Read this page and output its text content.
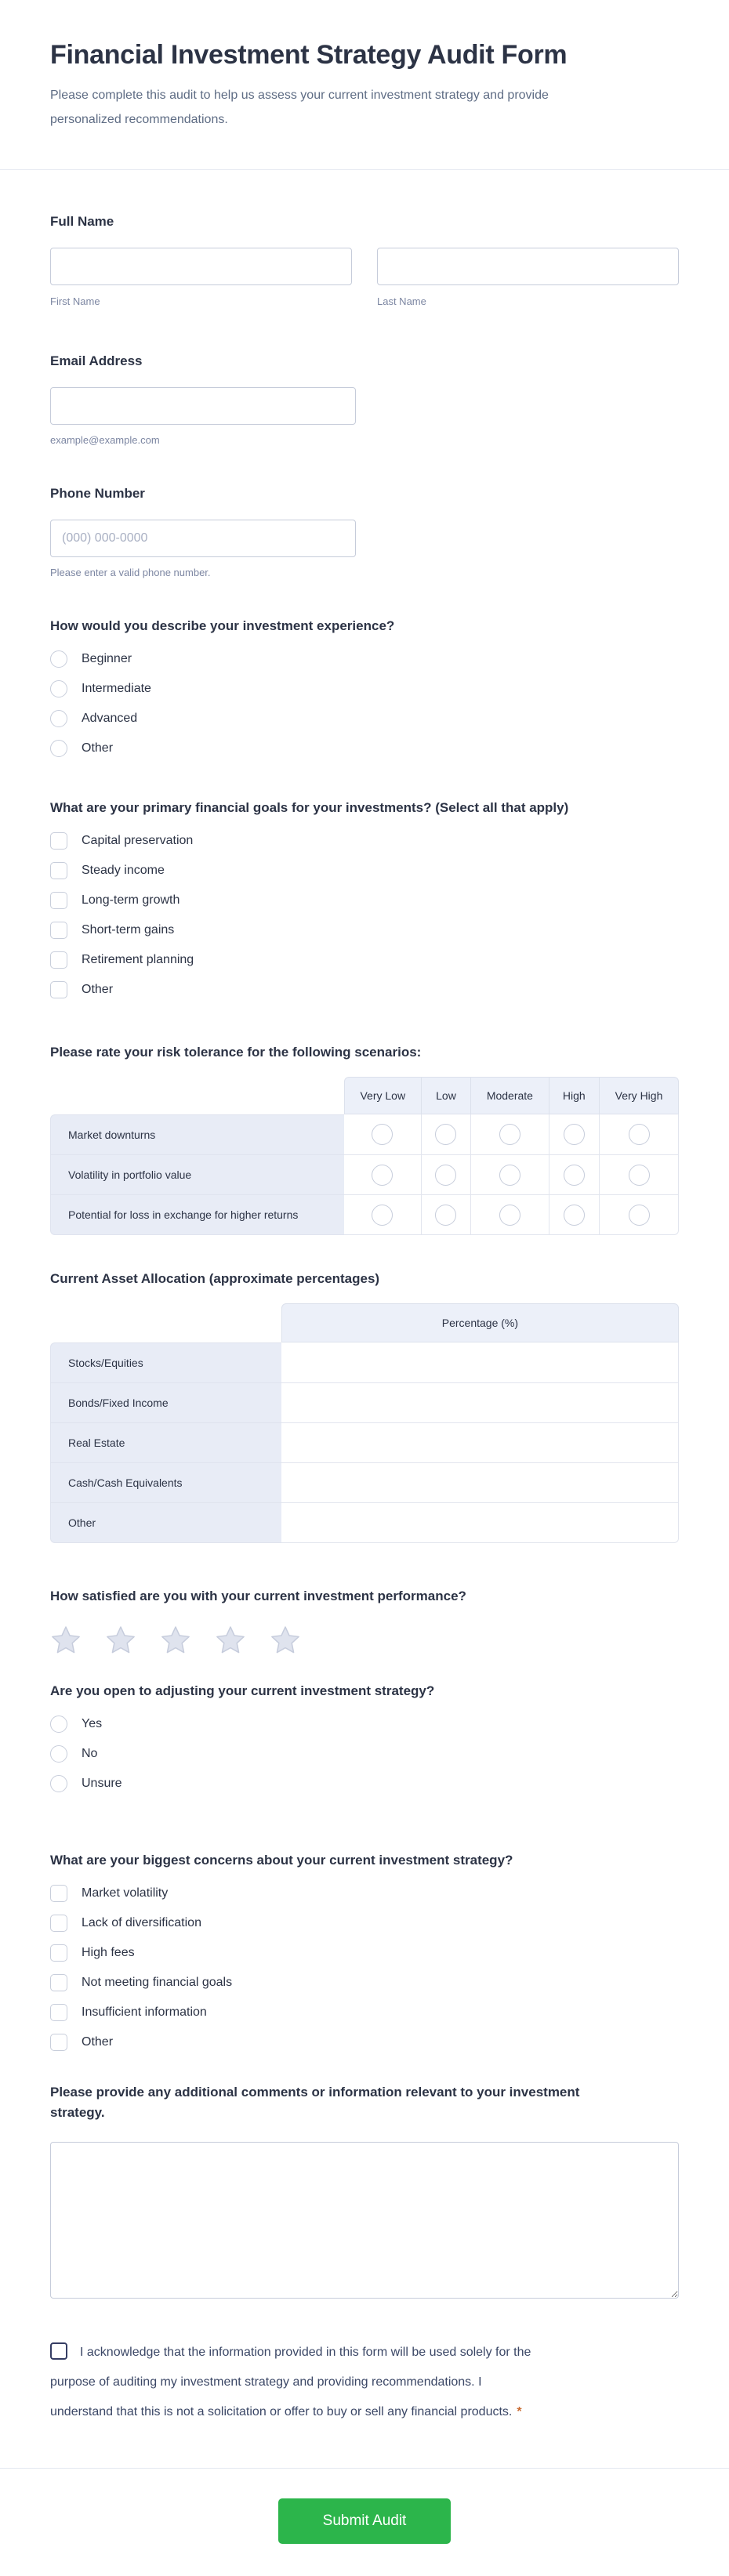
Financial Investment Strategy Audit Form

Please complete this audit to help us assess your current investment strategy and provide personalized recommendations.

Full Name
First Name	Last Name
Email Address
example@example.com
Phone Number
(000) 000-0000
Please enter a valid phone number.
How would you describe your investment experience?
Beginner
Intermediate
Advanced
Other
What are your primary financial goals for your investments? (Select all that apply)
Capital preservation
Steady income
Long-term growth
Short-term gains
Retirement planning
Other
Please rate your risk tolerance for the following scenarios:
	Very Low	Low	Moderate	High	Very High
Market downturns					
Volatility in portfolio value					
Potential for loss in exchange for higher returns					
Current Asset Allocation (approximate percentages)
	Percentage (%)
Stocks/Equities	
Bonds/Fixed Income	
Real Estate	
Cash/Cash Equivalents	
Other	
How satisfied are you with your current investment performance?
Are you open to adjusting your current investment strategy?
Yes
No
Unsure
What are your biggest concerns about your current investment strategy?
Market volatility
Lack of diversification
High fees
Not meeting financial goals
Insufficient information
Other
Please provide any additional comments or information relevant to your investment strategy.
I acknowledge that the information provided in this form will be used solely for the purpose of auditing my investment strategy and providing recommendations. I understand that this is not a solicitation or offer to buy or sell any financial products. *
Submit Audit
